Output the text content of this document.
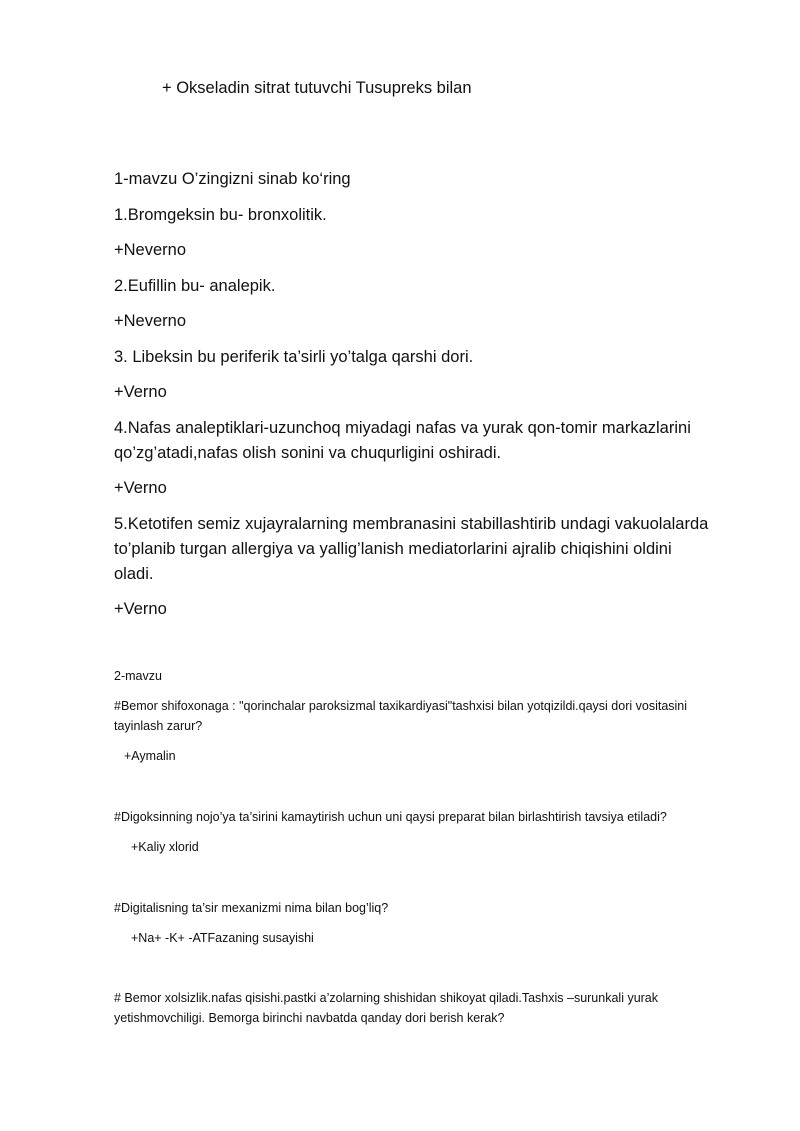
+ Okseladin sitrat tutuvchi Tusupreks bilan
1-mavzu O’zingizni sinab ko‘ring
1.Bromgeksin bu- bronxolitik.
+Neverno
2.Eufillin bu- analepik.
+Neverno
3. Libeksin bu periferik ta’sirli yo’talga qarshi dori.
+Verno
4.Nafas analeptiklari-uzunchoq miyadagi nafas va yurak qon-tomir markazlarini
qo’zg’atadi,nafas olish sonini va chuqurligini oshiradi.
+Verno
5.Ketotifen semiz xujayralarning membranasini stabillashtirib undagi vakuolalarda
to’planib turgan allergiya va yallig’lanish mediatorlarini ajralib chiqishini oldini
oladi.
+Verno
2-mavzu
#Bemor shifoxonaga : "qorinchalar paroksizmal taxikardiyasi"tashxisi bilan yotqizildi.qaysi dori vositasini
tayinlash zarur?
+Aymalin
#Digoksinning nojo’ya ta’sirini kamaytirish uchun uni qaysi preparat bilan birlashtirish tavsiya etiladi?
+Kaliy xlorid
#Digitalisning ta’sir mexanizmi nima bilan bog’liq?
+Na+ -K+ -ATFazaning susayishi
# Bemor xolsizlik.nafas qisishi.pastki a’zolarning shishidan shikoyat qiladi.Tashxis –surunkali yurak
yetishmovchiligi. Bemorga birinchi navbatda qanday dori berish kerak?
